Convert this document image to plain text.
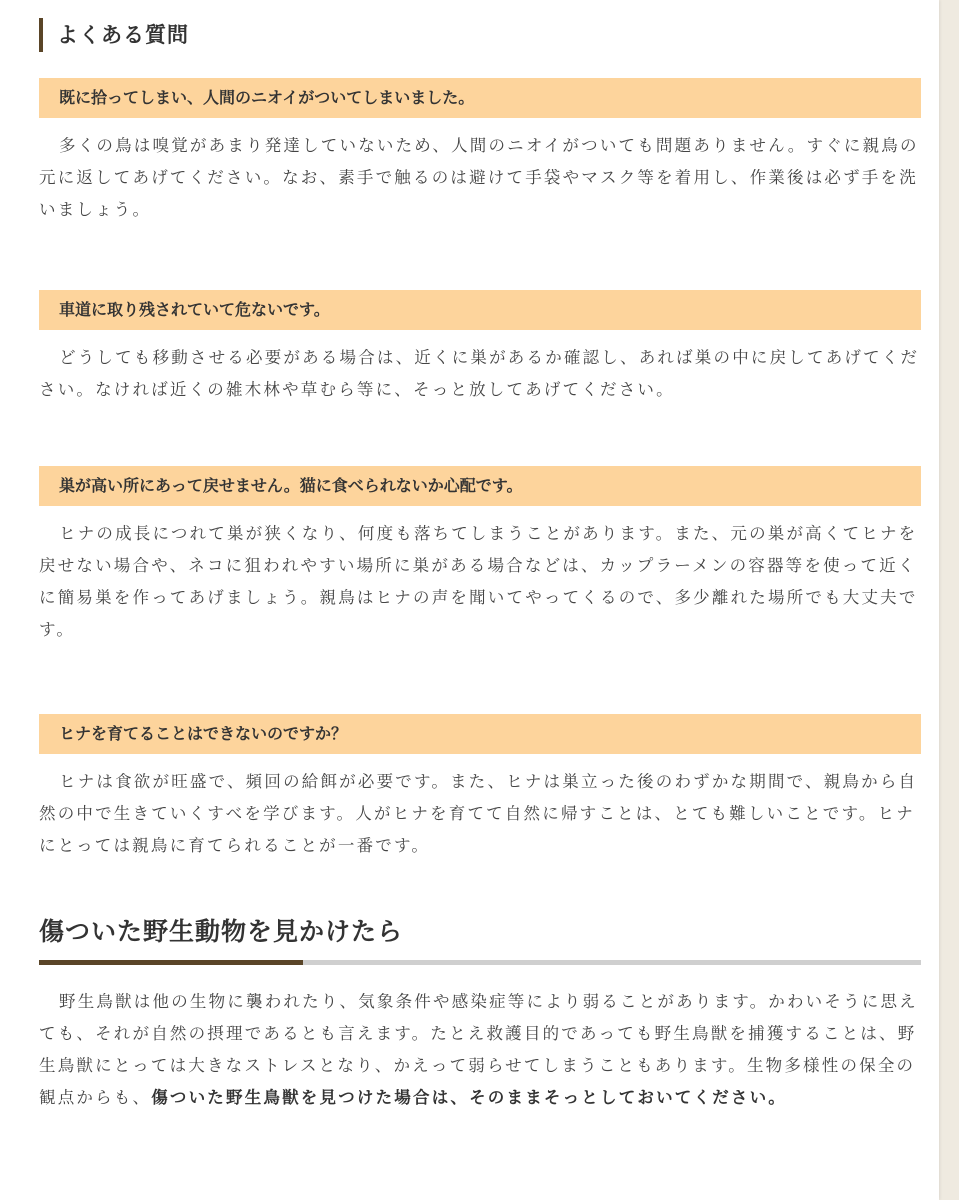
よくある質問
既に拾ってしまい、人間のニオイがついてしまいました。

多くの鳥は嗅覚があまり発達していないため、人間のニオイがついても問題ありません。すぐに親鳥の元に返してあげてください。なお、素手で触るのは避けて手袋やマスク等を着用し、作業後は必ず手を洗いましょう。

車道に取り残されていて危ないです。

どうしても移動させる必要がある場合は、近くに巣があるか確認し、あれば巣の中に戻してあげてください。なければ近くの雑木林や草むら等に、そっと放してあげてください。

巣が高い所にあって戻せません。猫に食べられないか心配です。

ヒナの成長につれて巣が狭くなり、何度も落ちてしまうことがあります。また、元の巣が高くてヒナを戻せない場合や、ネコに狙われやすい場所に巣がある場合などは、カップラーメンの容器等を使って近くに簡易巣を作ってあげましょう。親鳥はヒナの声を聞いてやってくるので、多少離れた場所でも大丈夫です。

ヒナを育てることはできないのですか？

ヒナは食欲が旺盛で、頻回の給餌が必要です。また、ヒナは巣立った後のわずかな期間で、親鳥から自然の中で生きていくすべを学びます。人がヒナを育てて自然に帰すことは、とても難しいことです。ヒナにとっては親鳥に育てられることが一番です。

傷ついた野生動物を見かけたら

野生鳥獣は他の生物に襲われたり、気象条件や感染症等により弱ることがあります。かわいそうに思えても、それが自然の摂理であるとも言えます。たとえ救護目的であっても野生鳥獣を捕獲することは、野生鳥獣にとっては大きなストレスとなり、かえって弱らせてしまうこともあります。生物多様性の保全の観点からも、傷ついた野生鳥獣を見つけた場合は、そのままそっとしておいてください。
